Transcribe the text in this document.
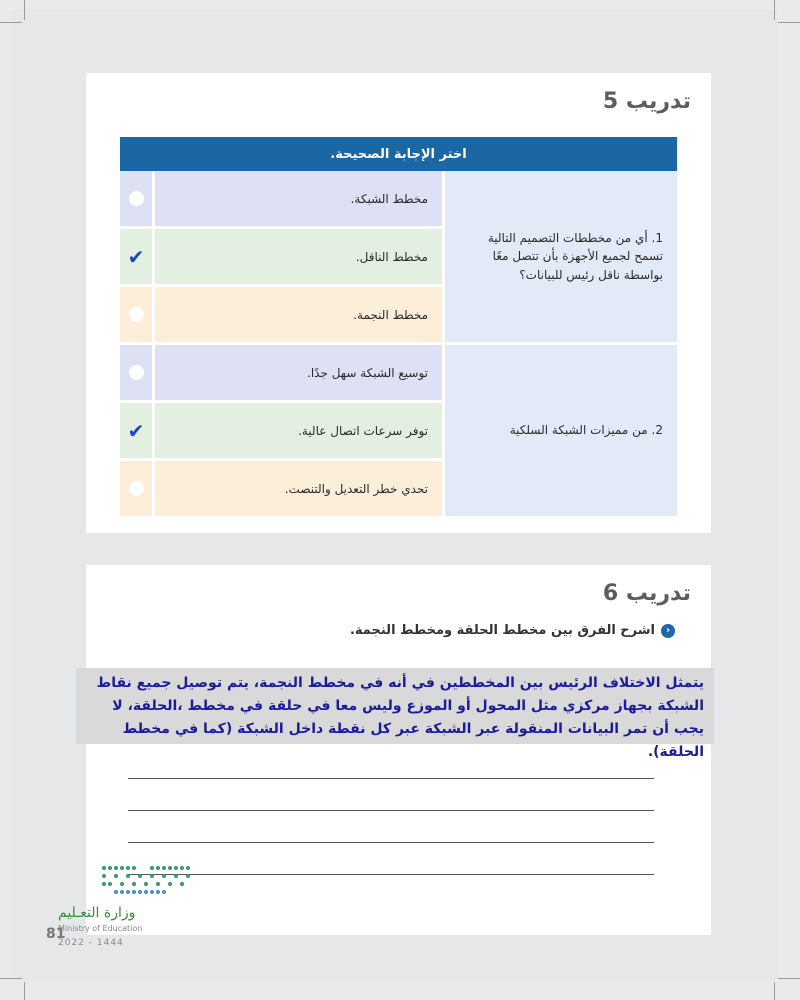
تدريب 5
اختر الإجابة الصحيحة.		
1. أي من مخططات التصميم التالية تسمح لجميع الأجهزة بأن تتصل معًا بواسطة ناقل رئيس للبيانات؟	مخطط الشبكة.	
	مخطط الناقل.	✔
	مخطط النجمة.	
2. من مميزات الشبكة السلكية	توسيع الشبكة سهل جدًا.	
	توفر سرعات اتصال عالية.	✔
	تحدي خطر التعديل والتنصت.	
تدريب 6
‹اشرح الفرق بين مخطط الحلقة ومخطط النجمة.
يتمثل الاختلاف الرئيس بين المخططين في أنه في مخطط النجمة، يتم توصيل جميع نقاط الشبكة بجهاز مركزي مثل المحول أو الموزع وليس معا في حلقة في مخطط ،الحلقة، لا يجب أن تمر البيانات المنقولة عبر الشبكة عبر كل نقطة داخل الشبكة (كما في مخطط الحلقة).
وزارة التعـليم
Ministry of Education
81
2022 - 1444
